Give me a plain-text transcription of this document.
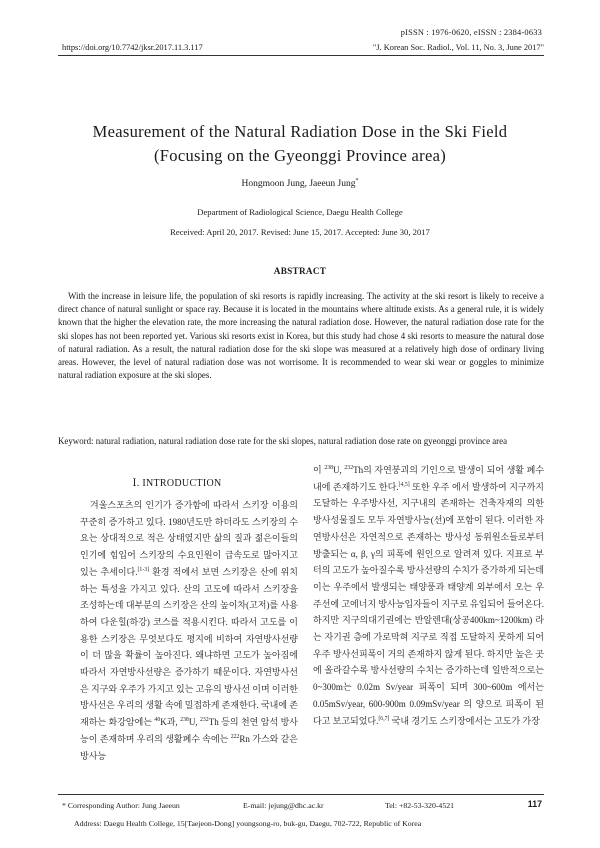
pISSN : 1976-0620, eISSN : 2384-0633
https://doi.org/10.7742/jksr.2017.11.3.117	"J. Korean Soc. Radiol., Vol. 11, No. 3, June 2017"
Measurement of the Natural Radiation Dose in the Ski Field
(Focusing on the Gyeonggi Province area)
Hongmoon Jung, Jaeeun Jung*
Department of Radiological Science, Daegu Health College
Received: April 20, 2017. Revised: June 15, 2017. Accepted: June 30, 2017
ABSTRACT
With the increase in leisure life, the population of ski resorts is rapidly increasing. The activity at the ski resort is likely to receive a direct chance of natural sunlight or space ray. Because it is located in the mountains where altitude exists. As a general rule, it is widely known that the higher the elevation rate, the more increasing the natural radiation dose. However, the natural radiation dose rate for the ski slopes has not been reported yet. Various ski resorts exist in Korea, but this study had chose 4 ski resorts to measure the natural dose of natural radiation. As a result, the natural radiation dose for the ski slope was measured at a relatively high dose of ordinary living areas. However, the level of natural radiation dose was not worrisome. It is recommended to wear ski wear or goggles to minimize natural radiation exposure at the ski slopes.
Keyword: natural radiation, natural radiation dose rate for the ski slopes, natural radiation dose rate on gyeonggi province area
Ⅰ. INTRODUCTION
겨울스포츠의 인기가 증가함에 따라서 스키장 이용의 꾸준히 증가하고 있다. 1980년도만 하더라도 스키장의 수요는 상대적으로 적은 상태였지만 삶의 질과 젊은이들의 인기에 힘입어 스키장의 수요인원이 급속도로 많아지고 있는 추세이다.[1-3] 환경 적에서 보면 스키장은 산에 위치하는 특성을 가지고 있다. 산의 고도에 따라서 스키장을 조성하는데 대부분의 스키장은 산의 높이차(고저)를 사용하여 다운힐(하강) 코스를 적용시킨다. 따라서 고도를 이용한 스키장은 무엇보다도 평지에 비하여 자연방사선량이 더 많을 확률이 높아진다. 왜냐하면 고도가 높아짐에 따라서 자연방사선량은 증가하기 때문이다. 자연방사선은 지구와 우주가 가지고 있는 고유의 방사선 이며 이러한 방사선은 우리의 생활 속에 밀접하게 존재한다. 국내에 존재하는 화강암에는 $^{40}$K과, $^{238}$U, $^{232}$Th 등의 천연 암석 방사능이 존재하며 우리의 생활폐수 속에는 $^{222}$Rn 가스와 같은 방사능
이 $^{238}$U, $^{232}$Th의 자연붕괴의 기인으로 발생이 되어 생활 폐수 내에 존재하기도 한다.[4,5] 또한 우주 에서 발생하여 지구까지 도달하는 우주방사선, 지구내의 존재하는 건축자재의 의한 방사성물질도 모두 자연방사능(선)에 포함이 된다. 이러한 자연방사선은 자연적으로 존재하는 방사성 동위원소들로부터 방출되는 α, β, γ의 피폭에 원인으로 알려져 있다. 지표로 부터의 고도가 높아질수록 방사선량의 수치가 증가하게 되는데 이는 우주에서 발생되는 태양풍과 태양계 외부에서 오는 우주선에 고에너지 방사능입자들이 지구로 유입되어 들어온다. 하지만 지구의대기권에는 반알렌대(상공400km~1200km) 라는 자기권 층에 가로막혀 지구로 직접 도달하지 못하게 되어 우주 방사선피폭이 거의 존재하지 않게 된다. 하지만 높은 곳에 올라갈수록 방사선량의 수치는 증가하는데 일반적으로는 0~300m는 0.02m Sv/year 피폭이 되며 300~600m 에서는 0.05mSv/year, 600-900m 0.09mSv/year 의 양으로 피폭이 된다고 보고되었다.[6,7] 국내 경기도 스키장에서는 고도가 가장
* Corresponding Author: Jung Jaeeun	E-mail: jejung@dhc.ac.kr	Tel: +82-53-320-4521	117
Address: Daegu Health College, 15[Taejeon-Dong] youngsong-ro, buk-gu, Daegu, 702-722, Republic of Korea
